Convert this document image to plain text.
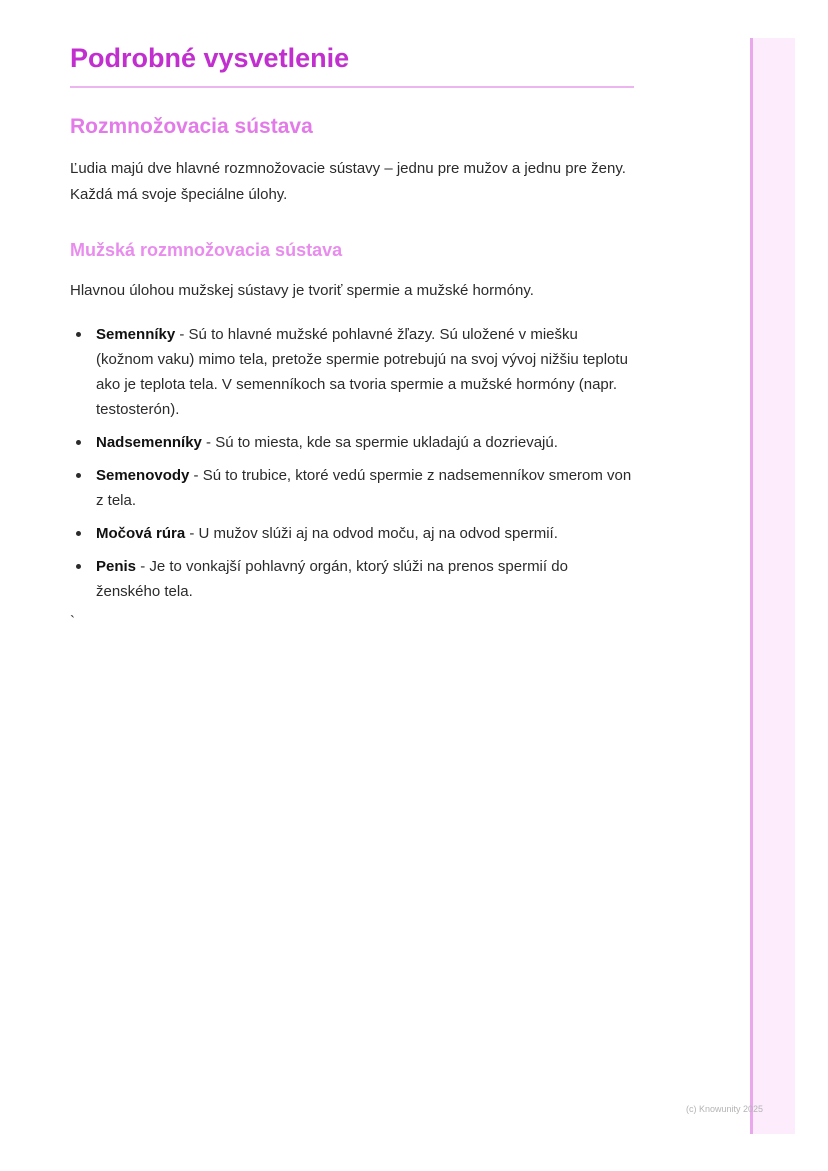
Podrobné vysvetlenie
Rozmnožovacia sústava

Ľudia majú dve hlavné rozmnožovacie sústavy – jednu pre mužov a jednu pre ženy. Každá má svoje špeciálne úlohy.

Mužská rozmnožovacia sústava

Hlavnou úlohou mužskej sústavy je tvoriť spermie a mužské hormóny.

Semenníky - Sú to hlavné mužské pohlavné žľazy. Sú uložené v miešku (kožnom vaku) mimo tela, pretože spermie potrebujú na svoj vývoj nižšiu teplotu ako je teplota tela. V semenníkoch sa tvoria spermie a mužské hormóny (napr. testosterón).
Nadsemenníky - Sú to miesta, kde sa spermie ukladajú a dozrievajú.
Semenovody - Sú to trubice, ktoré vedú spermie z nadsemenníkov smerom von z tela.
Močová rúra - U mužov slúži aj na odvod moču, aj na odvod spermií.
Penis - Je to vonkajší pohlavný orgán, ktorý slúži na prenos spermií do ženského tela.

`

(c) Knowunity 2025
